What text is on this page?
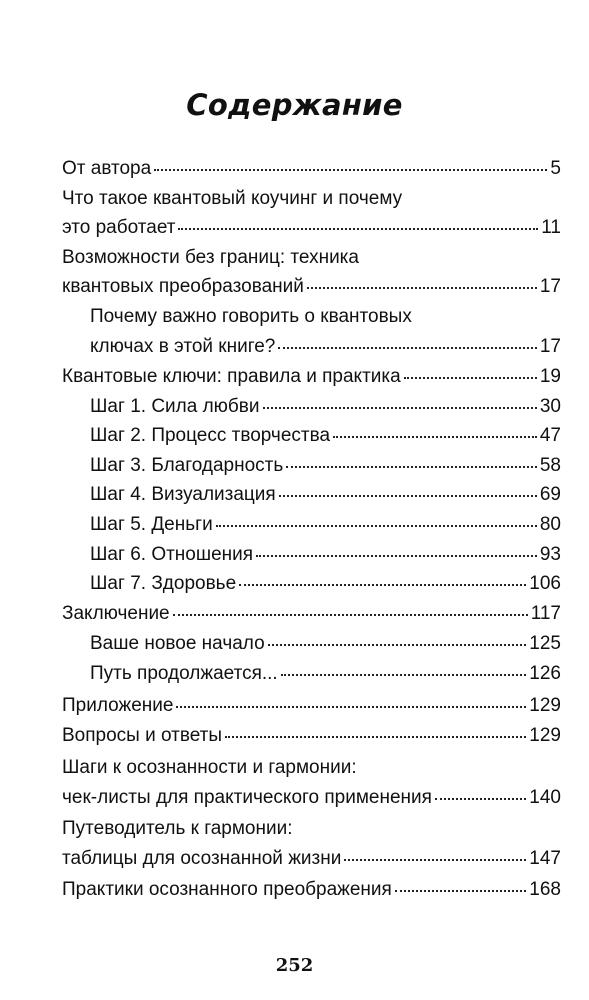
Содержание
От автора	5
Что такое квантовый коучинг и почему
это работает	11
Возможности без границ: техника
квантовых преобразований	17
Почему важно говорить о квантовых
ключах в этой книге?	17
Квантовые ключи: правила и практика	19
Шаг 1. Сила любви	30
Шаг 2. Процесс творчества	47
Шаг 3. Благодарность	58
Шаг 4. Визуализация	69
Шаг 5. Деньги	80
Шаг 6. Отношения	93
Шаг 7. Здоровье	106
Заключение	117
Ваше новое начало	125
Путь продолжается...	126
Приложение	129
Вопросы и ответы	129
Шаги к осознанности и гармонии:
чек-листы для практического применения	140
Путеводитель к гармонии:
таблицы для осознанной жизни	147
Практики осознанного преображения	168
252
